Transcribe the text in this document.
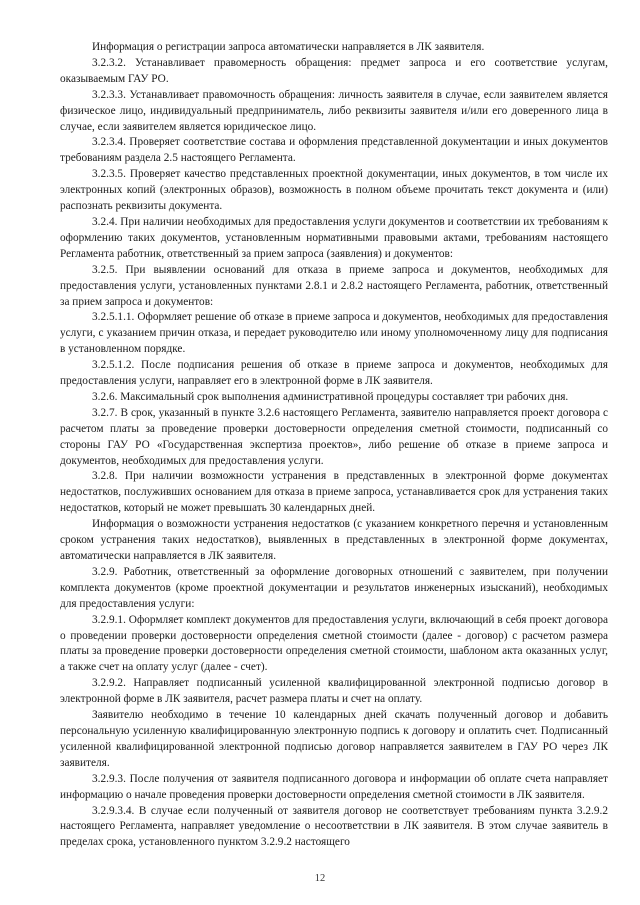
Информация о регистрации запроса автоматически направляется в ЛК заявителя.

3.2.3.2. Устанавливает правомерность обращения: предмет запроса и его соответствие услугам, оказываемым ГАУ РО.

3.2.3.3. Устанавливает правомочность обращения: личность заявителя в случае, если заявителем является физическое лицо, индивидуальный предприниматель, либо реквизиты заявителя и/или его доверенного лица в случае, если заявителем является юридическое лицо.

3.2.3.4. Проверяет соответствие состава и оформления представленной документации и иных документов требованиям раздела 2.5 настоящего Регламента.

3.2.3.5. Проверяет качество представленных проектной документации, иных документов, в том числе их электронных копий (электронных образов), возможность в полном объеме прочитать текст документа и (или) распознать реквизиты документа.

3.2.4. При наличии необходимых для предоставления услуги документов и соответствии их требованиям к оформлению таких документов, установленным нормативными правовыми актами, требованиям настоящего Регламента работник, ответственный за прием запроса (заявления) и документов:

3.2.5. При выявлении оснований для отказа в приеме запроса и документов, необходимых для предоставления услуги, установленных пунктами 2.8.1 и 2.8.2 настоящего Регламента, работник, ответственный за прием запроса и документов:

3.2.5.1.1. Оформляет решение об отказе в приеме запроса и документов, необходимых для предоставления услуги, с указанием причин отказа, и передает руководителю или иному уполномоченному лицу для подписания в установленном порядке.

3.2.5.1.2. После подписания решения об отказе в приеме запроса и документов, необходимых для предоставления услуги, направляет его в электронной форме в ЛК заявителя.

3.2.6. Максимальный срок выполнения административной процедуры составляет три рабочих дня.

3.2.7. В срок, указанный в пункте 3.2.6 настоящего Регламента, заявителю направляется проект договора с расчетом платы за проведение проверки достоверности определения сметной стоимости, подписанный со стороны ГАУ РО «Государственная экспертиза проектов», либо решение об отказе в приеме запроса и документов, необходимых для предоставления услуги.

3.2.8. При наличии возможности устранения в представленных в электронной форме документах недостатков, послуживших основанием для отказа в приеме запроса, устанавливается срок для устранения таких недостатков, который не может превышать 30 календарных дней.

Информация о возможности устранения недостатков (с указанием конкретного перечня и установленным сроком устранения таких недостатков), выявленных в представленных в электронной форме документах, автоматически направляется в ЛК заявителя.

3.2.9. Работник, ответственный за оформление договорных отношений с заявителем, при получении комплекта документов (кроме проектной документации и результатов инженерных изысканий), необходимых для предоставления услуги:

3.2.9.1. Оформляет комплект документов для предоставления услуги, включающий в себя проект договора о проведении проверки достоверности определения сметной стоимости (далее - договор) с расчетом размера платы за проведение проверки достоверности определения сметной стоимости, шаблоном акта оказанных услуг, а также счет на оплату услуг (далее - счет).

3.2.9.2. Направляет подписанный усиленной квалифицированной электронной подписью договор в электронной форме в ЛК заявителя, расчет размера платы и счет на оплату.

Заявителю необходимо в течение 10 календарных дней скачать полученный договор и добавить персональную усиленную квалифицированную электронную подпись к договору и оплатить счет. Подписанный усиленной квалифицированной электронной подписью договор направляется заявителем в ГАУ РО через ЛК заявителя.

3.2.9.3. После получения от заявителя подписанного договора и информации об оплате счета направляет информацию о начале проведения проверки достоверности определения сметной стоимости в ЛК заявителя.

3.2.9.3.4. В случае если полученный от заявителя договор не соответствует требованиям пункта 3.2.9.2 настоящего Регламента, направляет уведомление о несоответствии в ЛК заявителя. В этом случае заявитель в пределах срока, установленного пунктом 3.2.9.2 настоящего

12
